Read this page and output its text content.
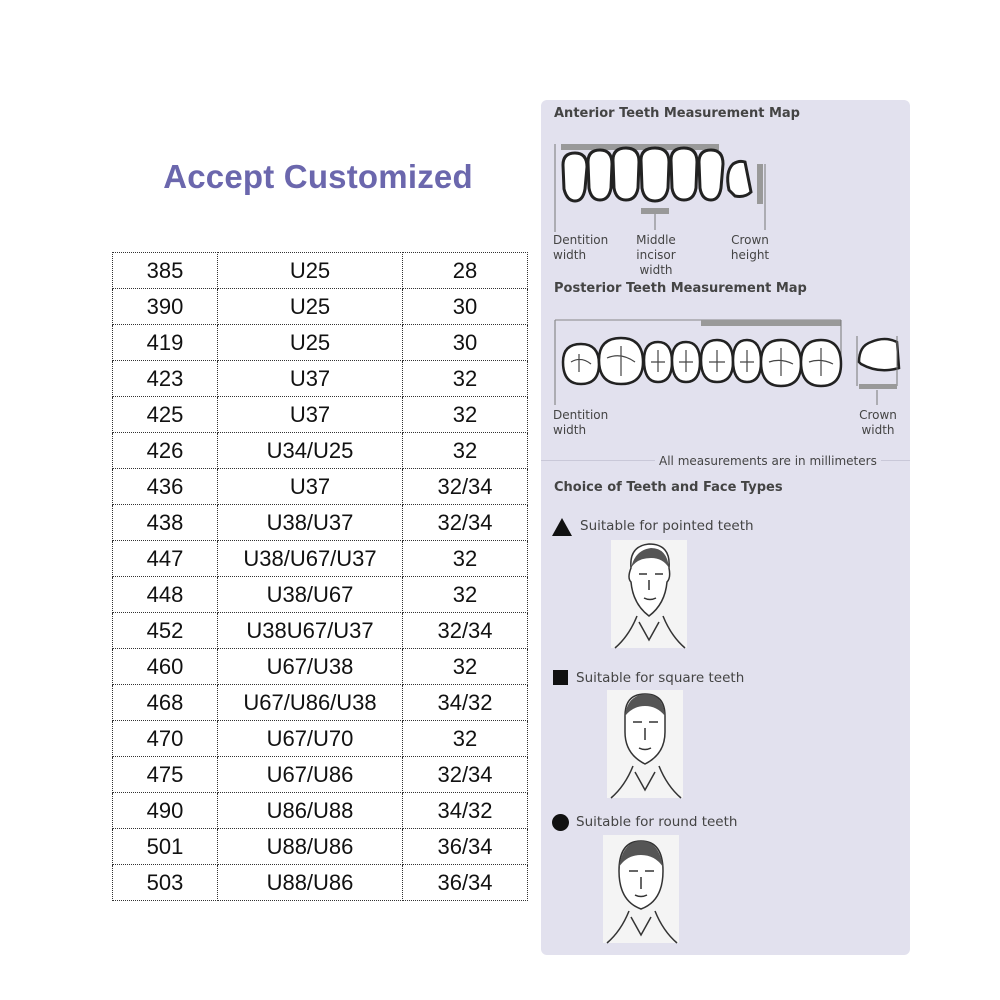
Accept Customized
385	U25	28
390	U25	30
419	U25	30
423	U37	32
425	U37	32
426	U34/U25	32
436	U37	32/34
438	U38/U37	32/34
447	U38/U67/U37	32
448	U38/U67	32
452	U38U67/U37	32/34
460	U67/U38	32
468	U67/U86/U38	34/32
470	U67/U70	32
475	U67/U86	32/34
490	U86/U88	34/32
501	U88/U86	36/34
503	U88/U86	36/34
Anterior Teeth Measurement Map
Dentition
width
Middle incisor
width
Crown
height
Posterior Teeth Measurement Map
Dentition
width
Crown
width
All measurements are in millimeters
Choice of Teeth and Face Types
Suitable for pointed teeth
Suitable for square teeth
Suitable for round teeth
